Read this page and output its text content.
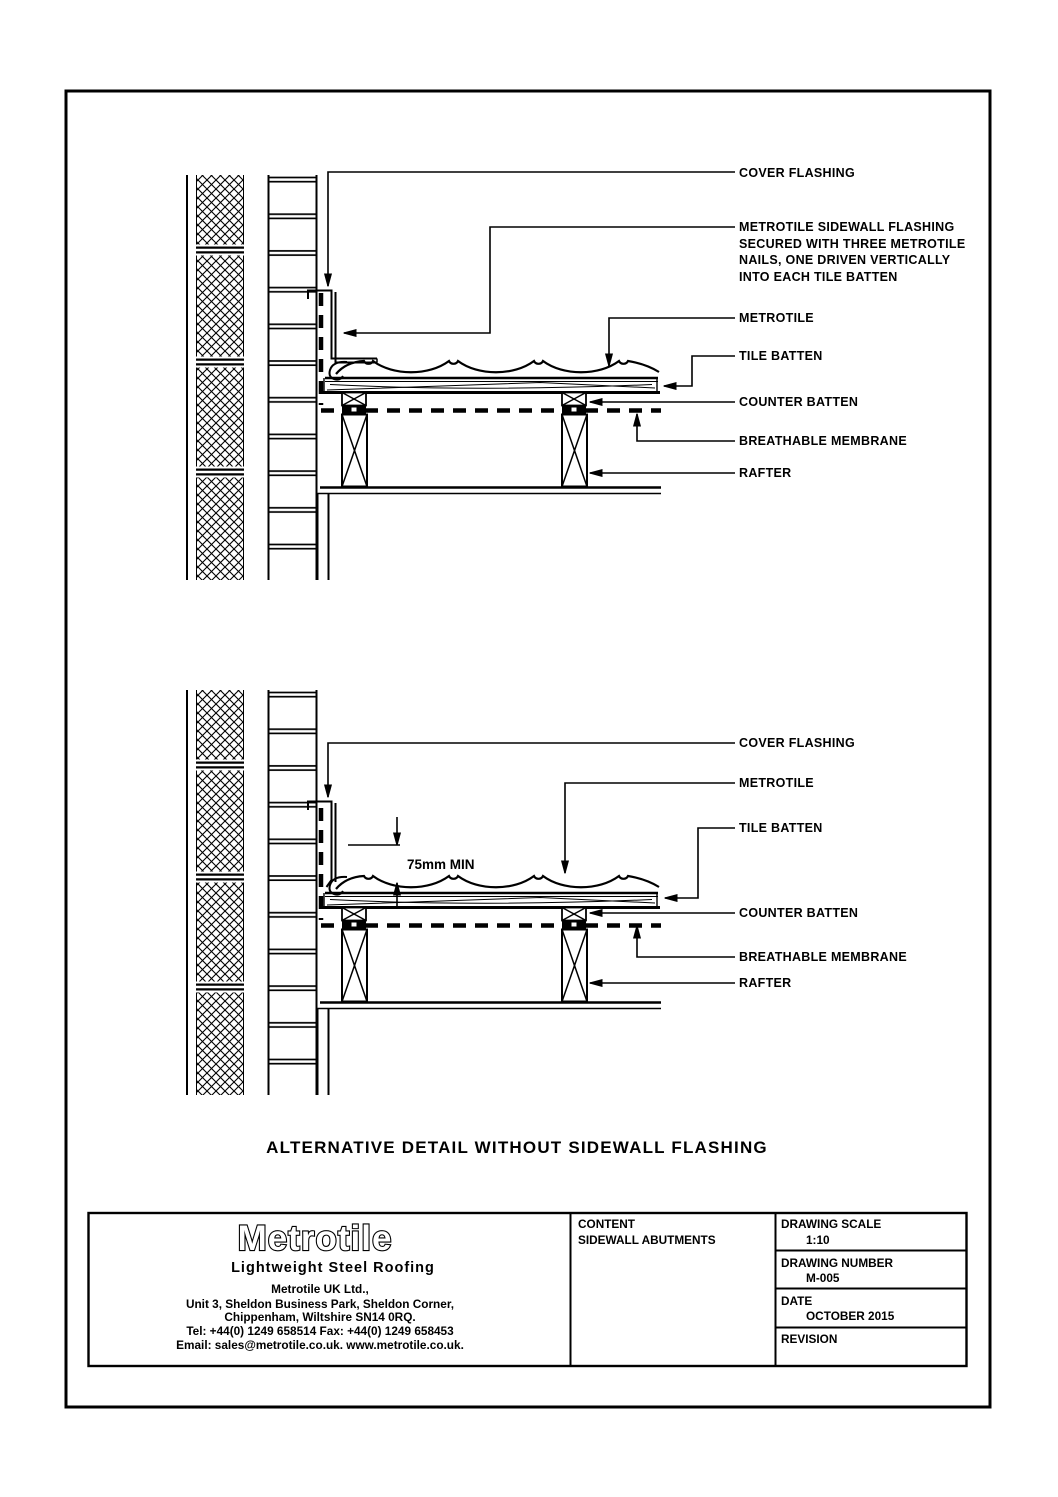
COVER FLASHING
METROTILE SIDEWALL FLASHING
SECURED WITH THREE METROTILE
NAILS, ONE DRIVEN VERTICALLY
INTO EACH TILE BATTEN
METROTILE
TILE BATTEN
COUNTER BATTEN
BREATHABLE MEMBRANE
RAFTER
75mm MIN
COVER FLASHING
METROTILE
TILE BATTEN
COUNTER BATTEN
BREATHABLE MEMBRANE
RAFTER
ALTERNATIVE DETAIL WITHOUT SIDEWALL FLASHING
Metrotile
Lightweight Steel Roofing
Metrotile UK Ltd.,
Unit 3, Sheldon Business Park, Sheldon Corner,
Chippenham, Wiltshire SN14 0RQ.
Tel: +44(0) 1249 658514 Fax: +44(0) 1249 658453
Email: sales@metrotile.co.uk. www.metrotile.co.uk.
CONTENT
SIDEWALL ABUTMENTS
DRAWING SCALE
1:10
DRAWING NUMBER
M-005
DATE
OCTOBER 2015
REVISION
